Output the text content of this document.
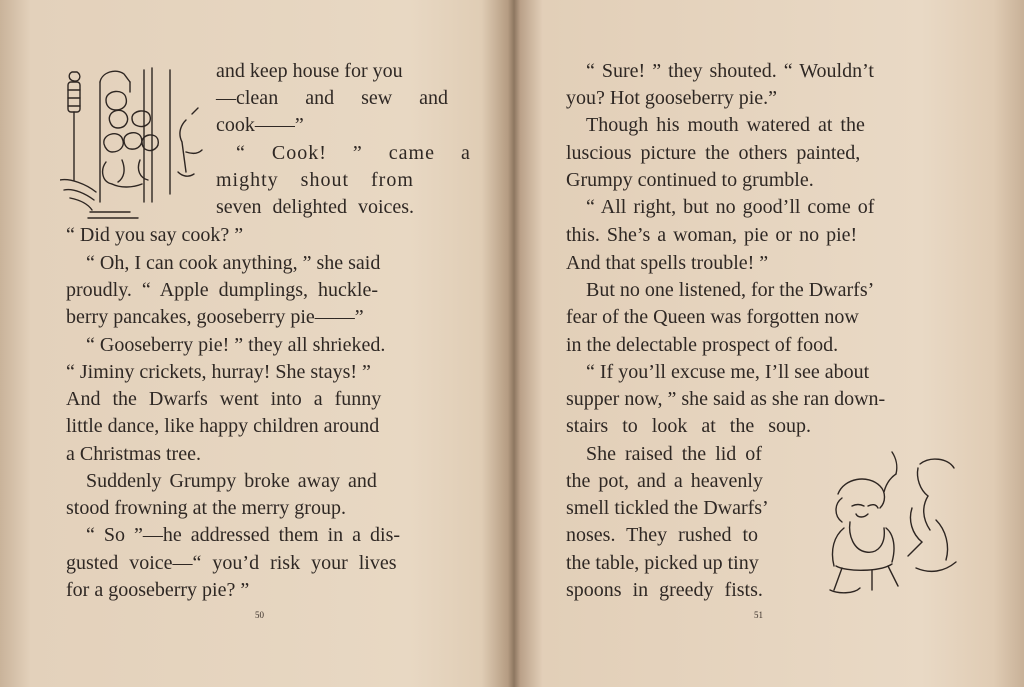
and keep house for you
—clean and sew and
cook——”
“ Cook! ” came a
mighty shout from
seven delighted voices.
“ Did you say cook? ”
“ Oh, I can cook anything, ” she said
proudly. “ Apple dumplings, huckle-
berry pancakes, gooseberry pie——”
“ Gooseberry pie! ” they all shrieked.
“ Jiminy crickets, hurray! She stays! ”
And the Dwarfs went into a funny
little dance, like happy children around
a Christmas tree.
Suddenly Grumpy broke away and
stood frowning at the merry group.
“ So ”—he addressed them in a dis-
gusted voice—“ you’d risk your lives
for a gooseberry pie? ”
50
“ Sure! ” they shouted. “ Wouldn’t
you? Hot gooseberry pie.”
Though his mouth watered at the
luscious picture the others painted,
Grumpy continued to grumble.
“ All right, but no good’ll come of
this. She’s a woman, pie or no pie!
And that spells trouble! ”
But no one listened, for the Dwarfs’
fear of the Queen was forgotten now
in the delectable prospect of food.
“ If you’ll excuse me, I’ll see about
supper now, ” she said as she ran down-
stairs to look at the soup.
She raised the lid of
the pot, and a heavenly
smell tickled the Dwarfs’
noses. They rushed to
the table, picked up tiny
spoons in greedy fists.
51
